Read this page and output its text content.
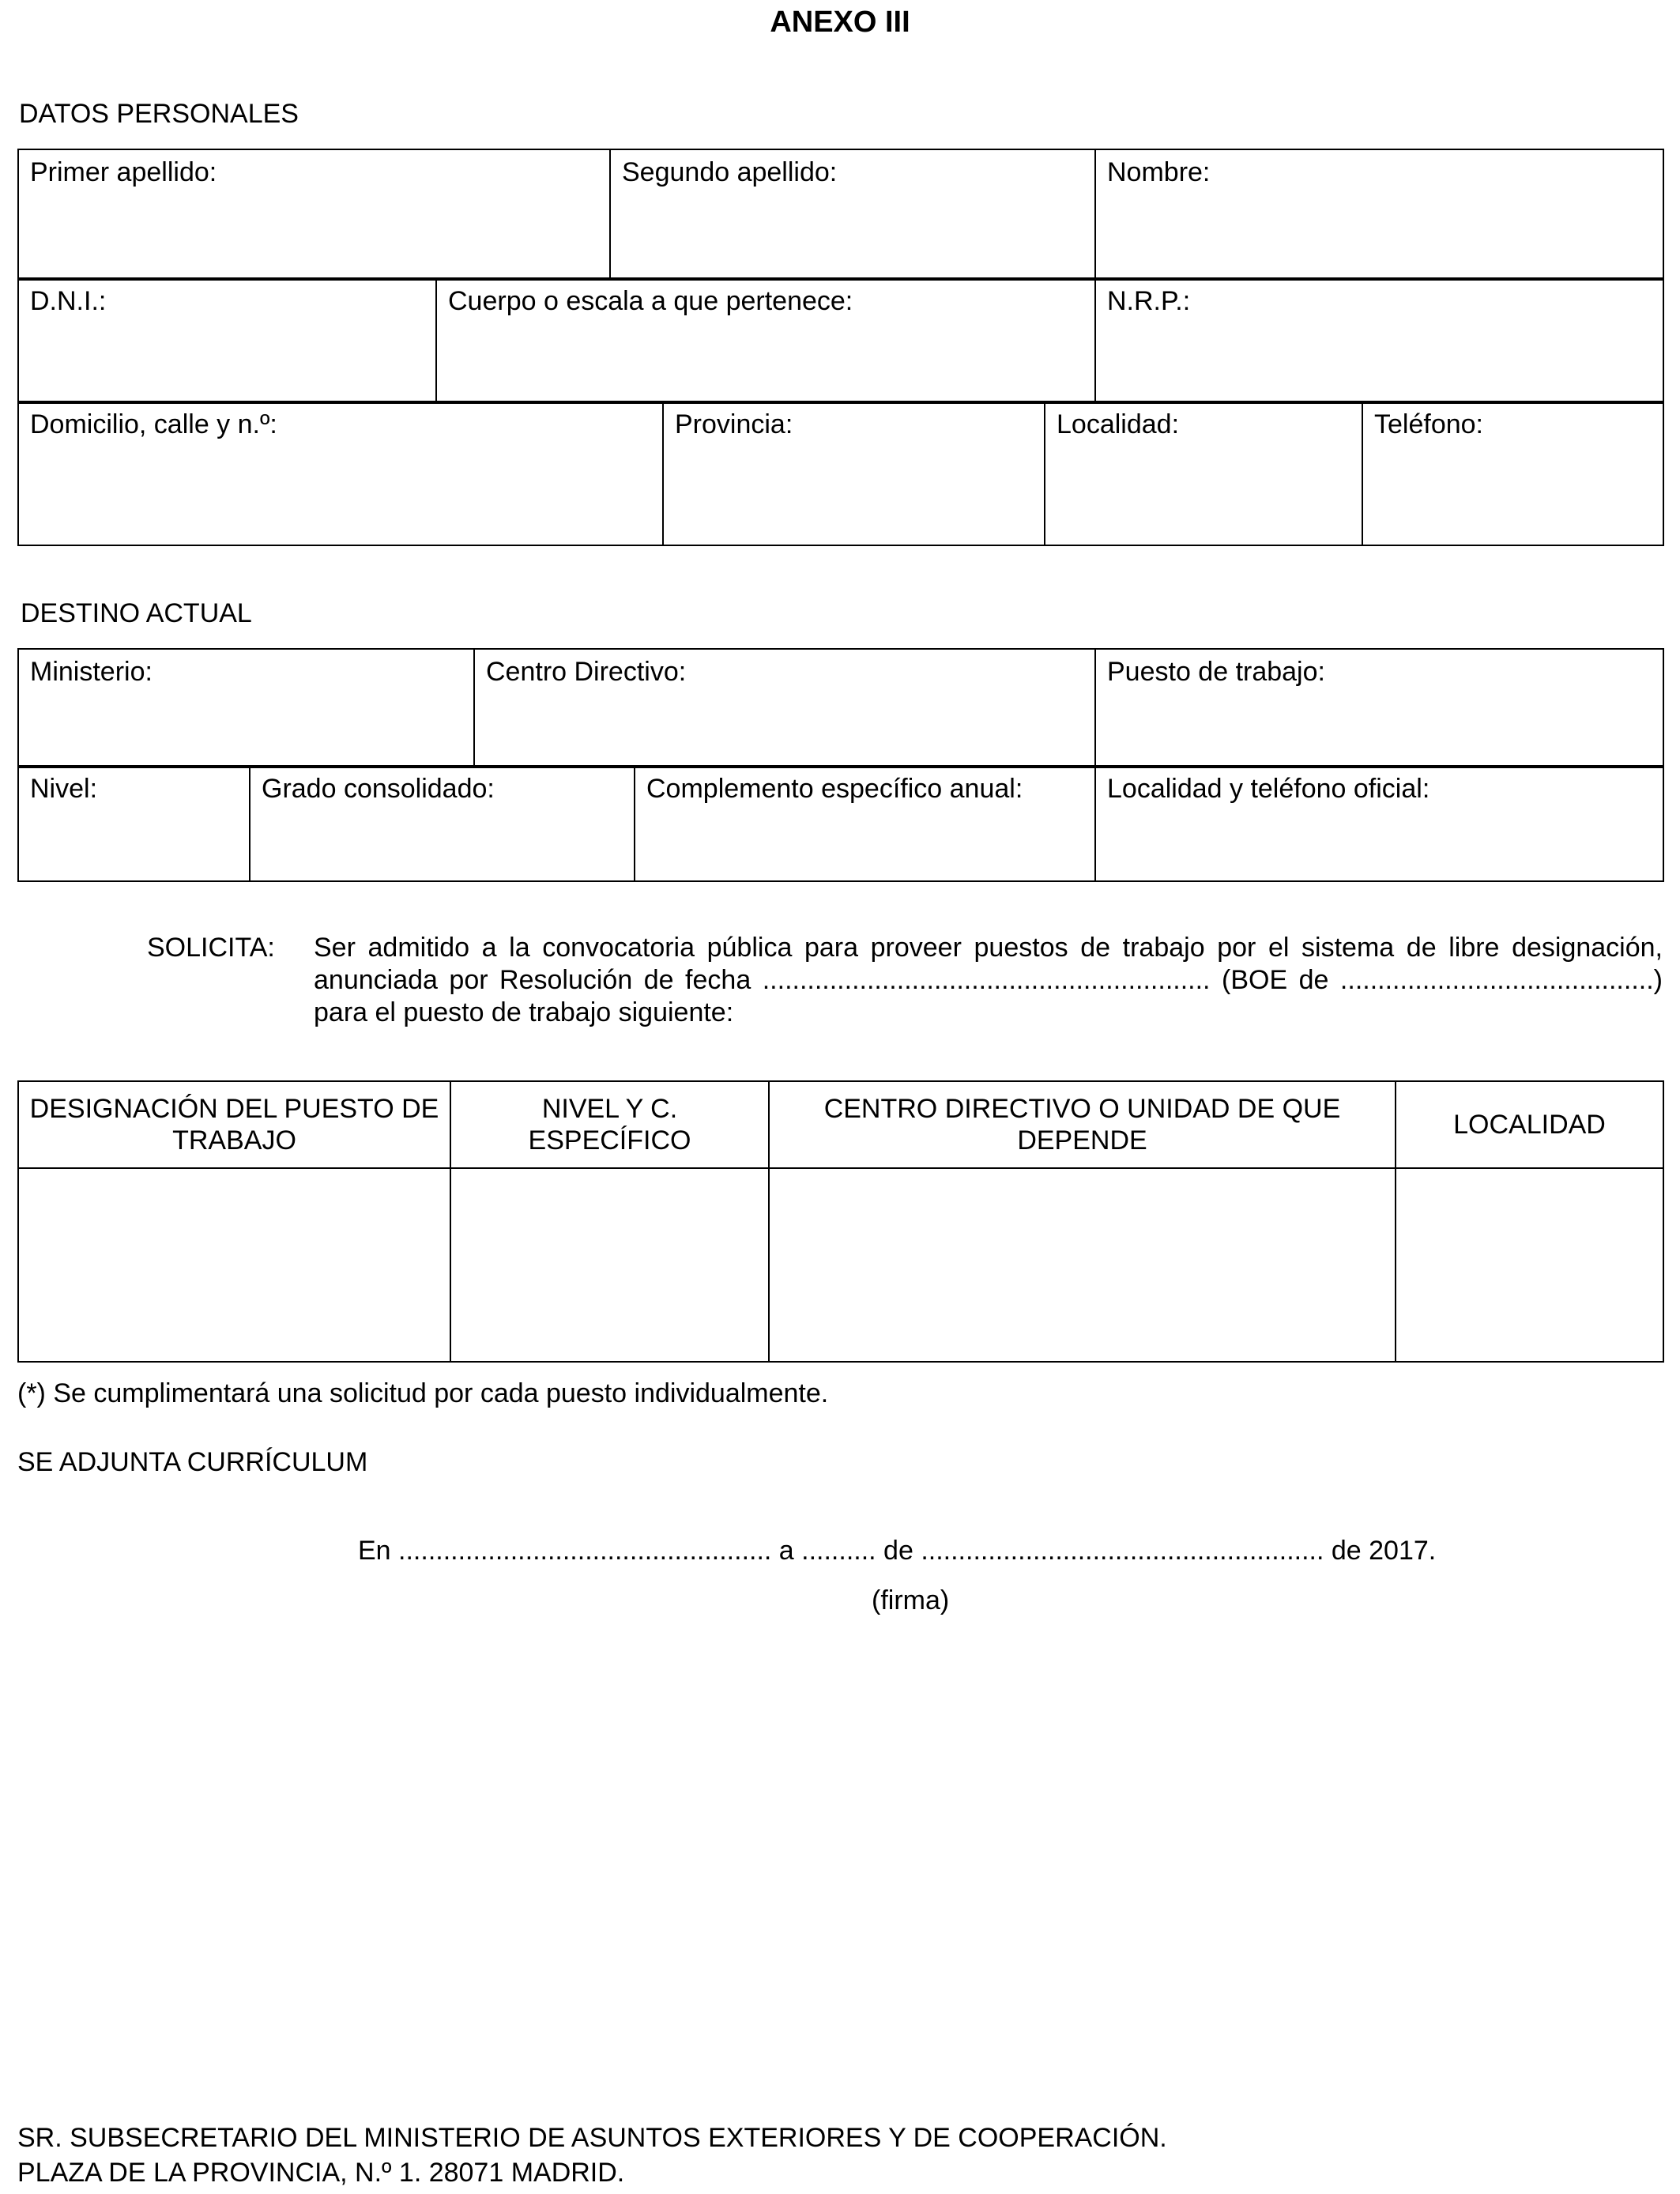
ANEXO III
DATOS PERSONALES
Primer apellido:	Segundo apellido:	Nombre:
D.N.I.:	Cuerpo o escala a que pertenece:	N.R.P.:
Domicilio, calle y n.º:	Provincia:	Localidad:	Teléfono:
DESTINO ACTUAL
Ministerio:	Centro Directivo:	Puesto de trabajo:
Nivel:	Grado consolidado:	Complemento específico anual:	Localidad y teléfono oficial:
SOLICITA: Ser admitido a la convocatoria pública para proveer puestos de trabajo por el sistema de libre designación,
anunciada por Resolución de fecha ............................................................ (BOE de ..........................................)
para el puesto de trabajo siguiente:
DESIGNACIÓN DEL PUESTO DE TRABAJO	NIVEL Y C. ESPECÍFICO	CENTRO DIRECTIVO O UNIDAD DE QUE DEPENDE	LOCALIDAD

(*) Se cumplimentará una solicitud por cada puesto individualmente.
SE ADJUNTA CURRÍCULUM
En .................................................. a .......... de ...................................................... de 2017.
(firma)
SR. SUBSECRETARIO DEL MINISTERIO DE ASUNTOS EXTERIORES Y DE COOPERACIÓN.
PLAZA DE LA PROVINCIA, N.º 1. 28071 MADRID.
